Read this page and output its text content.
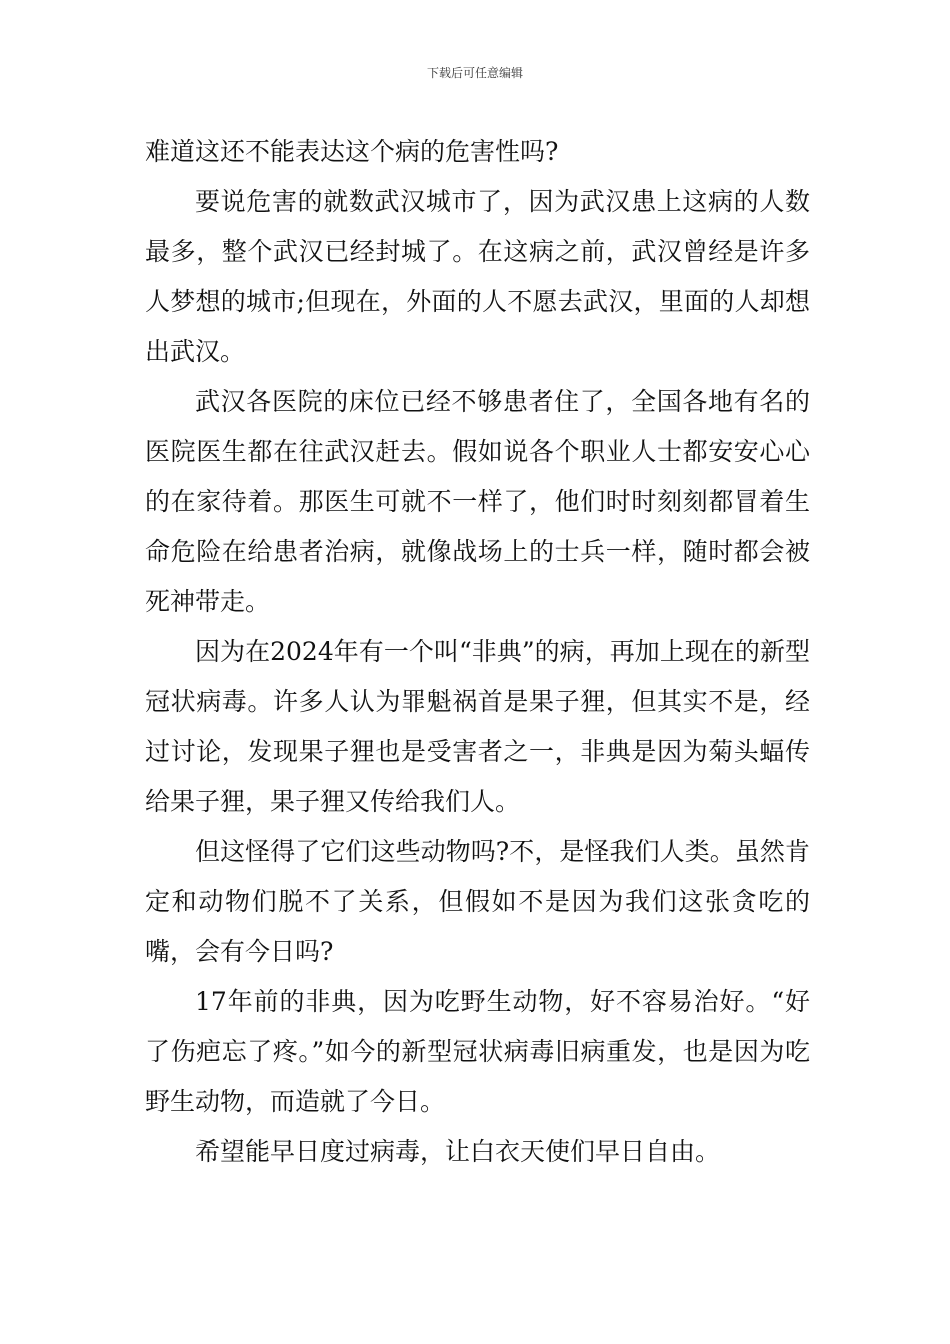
下载后可任意编辑

难道这还不能表达这个病的危害性吗?

要说危害的就数武汉城市了，因为武汉患上这病的人数最多，整个武汉已经封城了。在这病之前，武汉曾经是许多人梦想的城市;但现在，外面的人不愿去武汉，里面的人却想出武汉。

武汉各医院的床位已经不够患者住了，全国各地有名的医院医生都在往武汉赶去。假如说各个职业人士都安安心心的在家待着。那医生可就不一样了，他们时时刻刻都冒着生命危险在给患者治病，就像战场上的士兵一样，随时都会被死神带走。

因为在2024年有一个叫“非典”的病，再加上现在的新型冠状病毒。许多人认为罪魁祸首是果子狸，但其实不是，经过讨论，发现果子狸也是受害者之一，非典是因为菊头蝠传给果子狸，果子狸又传给我们人。

但这怪得了它们这些动物吗?不，是怪我们人类。虽然肯定和动物们脱不了关系，但假如不是因为我们这张贪吃的嘴，会有今日吗?

17年前的非典，因为吃野生动物，好不容易治好。“好了伤疤忘了疼。”如今的新型冠状病毒旧病重发，也是因为吃野生动物，而造就了今日。

希望能早日度过病毒，让白衣天使们早日自由。
